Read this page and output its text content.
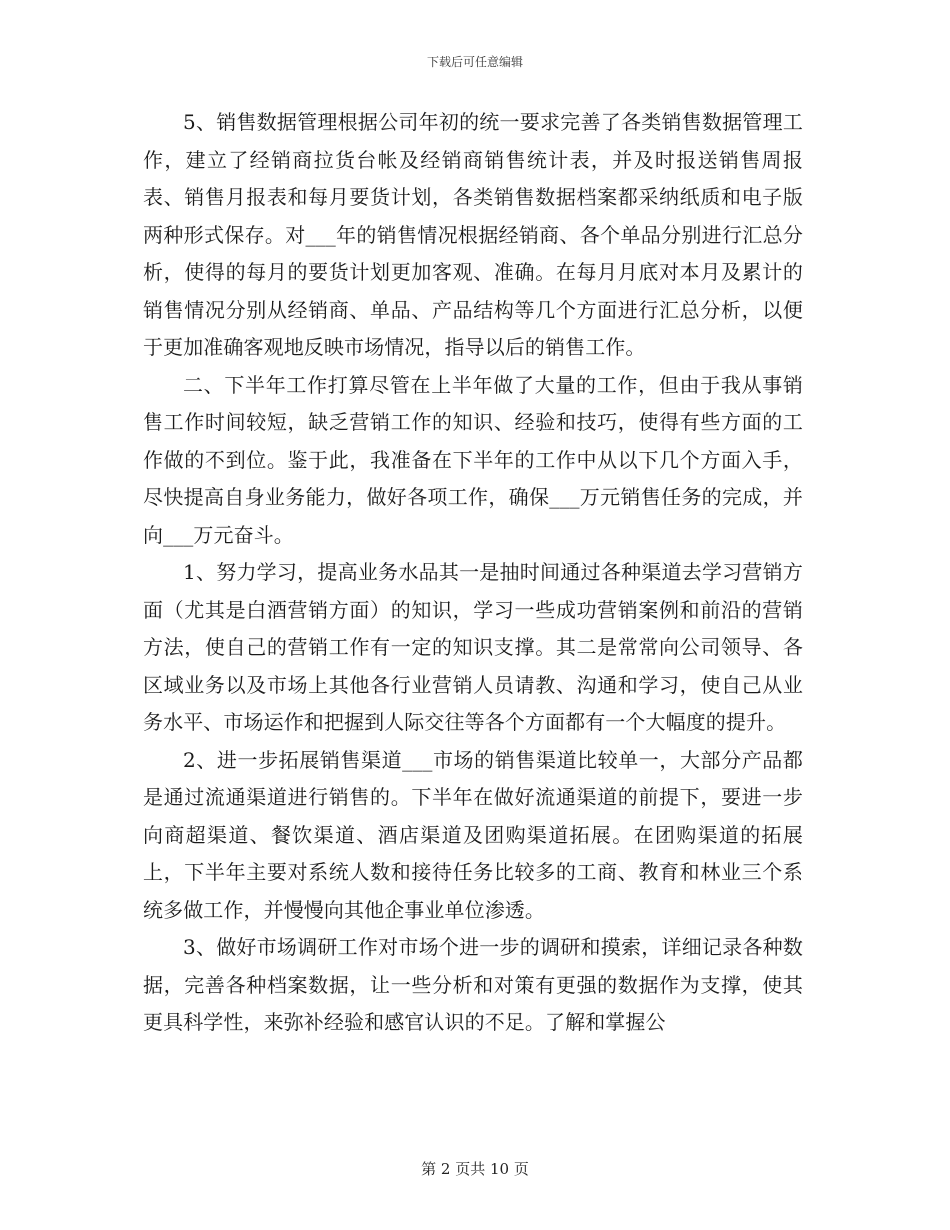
下载后可任意编辑

5、销售数据管理根据公司年初的统一要求完善了各类销售数据管理工作，建立了经销商拉货台帐及经销商销售统计表，并及时报送销售周报表、销售月报表和每月要货计划，各类销售数据档案都采纳纸质和电子版两种形式保存。对___年的销售情况根据经销商、各个单品分别进行汇总分析，使得的每月的要货计划更加客观、准确。在每月月底对本月及累计的销售情况分别从经销商、单品、产品结构等几个方面进行汇总分析，以便于更加准确客观地反映市场情况，指导以后的销售工作。

二、下半年工作打算尽管在上半年做了大量的工作，但由于我从事销售工作时间较短，缺乏营销工作的知识、经验和技巧，使得有些方面的工作做的不到位。鉴于此，我准备在下半年的工作中从以下几个方面入手，尽快提高自身业务能力，做好各项工作，确保___万元销售任务的完成，并向___万元奋斗。

1、努力学习，提高业务水品其一是抽时间通过各种渠道去学习营销方面（尤其是白酒营销方面）的知识，学习一些成功营销案例和前沿的营销方法，使自己的营销工作有一定的知识支撑。其二是常常向公司领导、各区域业务以及市场上其他各行业营销人员请教、沟通和学习，使自己从业务水平、市场运作和把握到人际交往等各个方面都有一个大幅度的提升。

2、进一步拓展销售渠道___市场的销售渠道比较单一，大部分产品都是通过流通渠道进行销售的。下半年在做好流通渠道的前提下，要进一步向商超渠道、餐饮渠道、酒店渠道及团购渠道拓展。在团购渠道的拓展上，下半年主要对系统人数和接待任务比较多的工商、教育和林业三个系统多做工作，并慢慢向其他企事业单位渗透。

3、做好市场调研工作对市场个进一步的调研和摸索，详细记录各种数据，完善各种档案数据，让一些分析和对策有更强的数据作为支撑，使其更具科学性，来弥补经验和感官认识的不足。了解和掌握公

第 2 页共 10 页
